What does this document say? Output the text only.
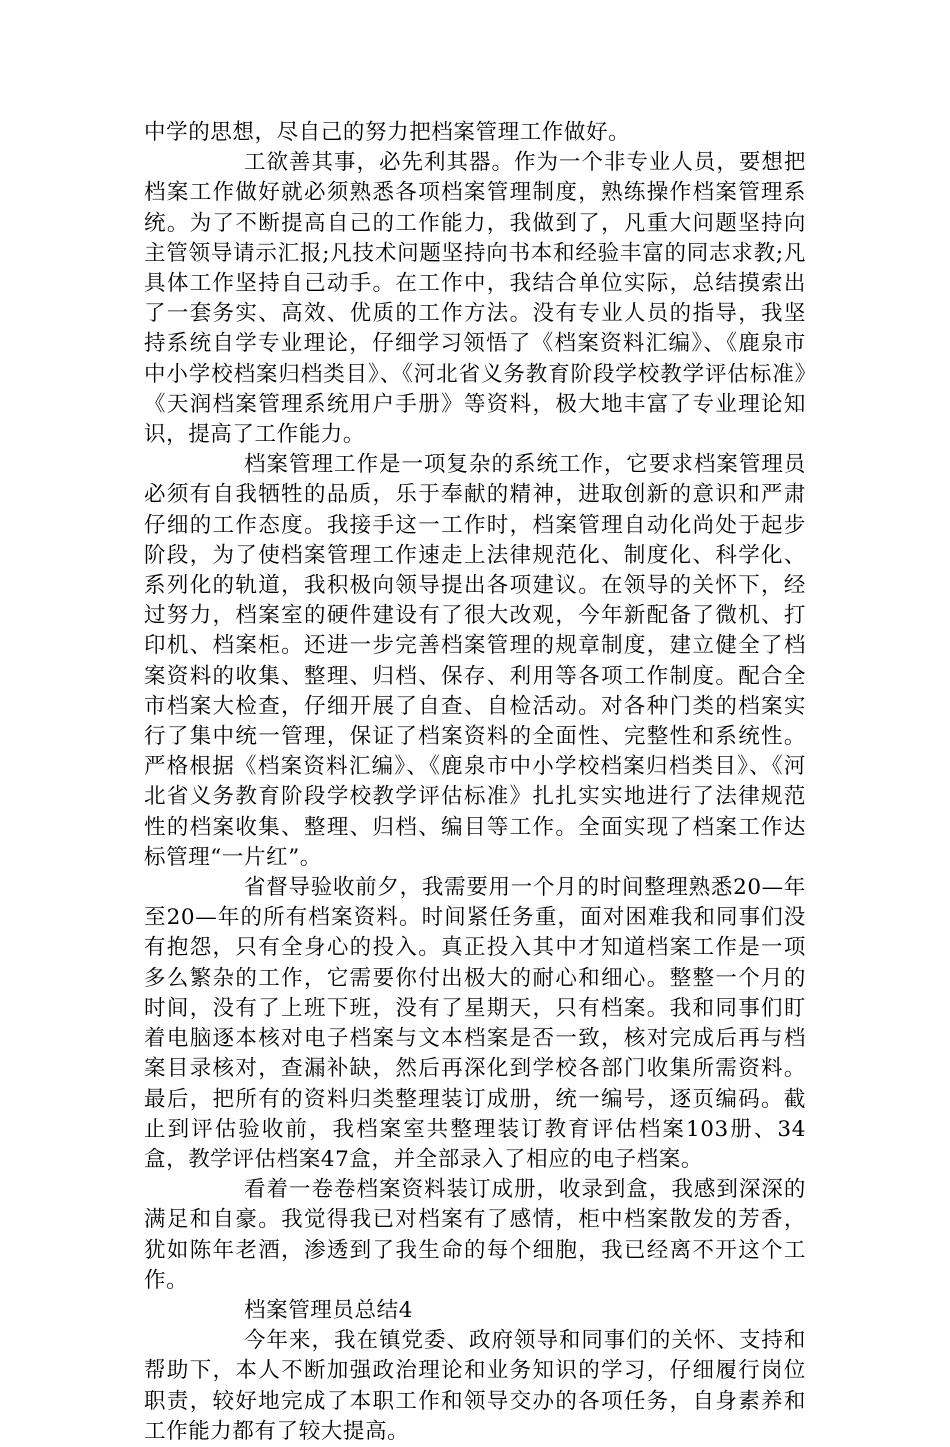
中学的思想，尽自己的努力把档案管理工作做好。

工欲善其事，必先利其器。作为一个非专业人员，要想把档案工作做好就必须熟悉各项档案管理制度，熟练操作档案管理系统。为了不断提高自己的工作能力，我做到了，凡重大问题坚持向主管领导请示汇报;凡技术问题坚持向书本和经验丰富的同志求教;凡具体工作坚持自己动手。在工作中，我结合单位实际，总结摸索出了一套务实、高效、优质的工作方法。没有专业人员的指导，我坚持系统自学专业理论，仔细学习领悟了《档案资料汇编》、《鹿泉市中小学校档案归档类目》、《河北省义务教育阶段学校教学评估标准》《天润档案管理系统用户手册》等资料，极大地丰富了专业理论知识，提高了工作能力。

档案管理工作是一项复杂的系统工作，它要求档案管理员必须有自我牺牲的品质，乐于奉献的精神，进取创新的意识和严肃仔细的工作态度。我接手这一工作时，档案管理自动化尚处于起步阶段，为了使档案管理工作速走上法律规范化、制度化、科学化、系列化的轨道，我积极向领导提出各项建议。在领导的关怀下，经过努力，档案室的硬件建设有了很大改观，今年新配备了微机、打印机、档案柜。还进一步完善档案管理的规章制度，建立健全了档案资料的收集、整理、归档、保存、利用等各项工作制度。配合全市档案大检查，仔细开展了自查、自检活动。对各种门类的档案实行了集中统一管理，保证了档案资料的全面性、完整性和系统性。严格根据《档案资料汇编》、《鹿泉市中小学校档案归档类目》、《河北省义务教育阶段学校教学评估标准》扎扎实实地进行了法律规范性的档案收集、整理、归档、编目等工作。全面实现了档案工作达标管理“一片红”。

省督导验收前夕，我需要用一个月的时间整理熟悉20—年至20—年的所有档案资料。时间紧任务重，面对困难我和同事们没有抱怨，只有全身心的投入。真正投入其中才知道档案工作是一项多么繁杂的工作，它需要你付出极大的耐心和细心。整整一个月的时间，没有了上班下班，没有了星期天，只有档案。我和同事们盯着电脑逐本核对电子档案与文本档案是否一致，核对完成后再与档案目录核对，查漏补缺，然后再深化到学校各部门收集所需资料。最后，把所有的资料归类整理装订成册，统一编号，逐页编码。截止到评估验收前，我档案室共整理装订教育评估档案103册、34盒，教学评估档案47盒，并全部录入了相应的电子档案。

看着一卷卷档案资料装订成册，收录到盒，我感到深深的满足和自豪。我觉得我已对档案有了感情，柜中档案散发的芳香，犹如陈年老酒，渗透到了我生命的每个细胞，我已经离不开这个工作。

档案管理员总结4

今年来，我在镇党委、政府领导和同事们的关怀、支持和帮助下，本人不断加强政治理论和业务知识的学习，仔细履行岗位职责，较好地完成了本职工作和领导交办的各项任务，自身素养和工作能力都有了较大提高。
